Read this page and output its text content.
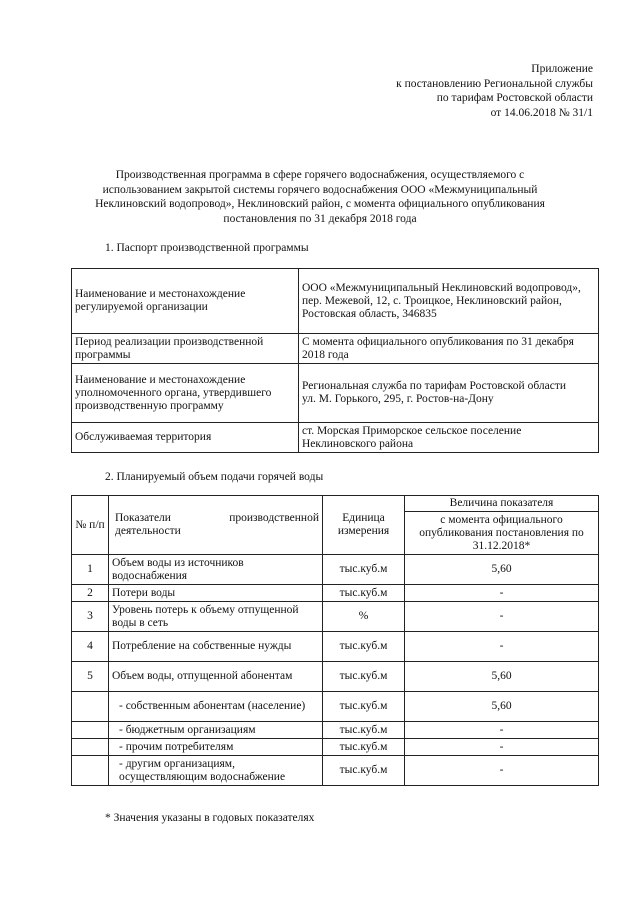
Приложение
к постановлению Региональной службы
по тарифам Ростовской области
от 14.06.2018 № 31/1
Производственная программа в сфере горячего водоснабжения, осуществляемого с
использованием закрытой системы горячего водоснабжения ООО «Межмуниципальный
Неклиновский водопровод», Неклиновский район, с момента официального опубликования
постановления по 31 декабря 2018 года
1. Паспорт производственной программы
Наименование и местонахождение регулируемой организации	ООО «Межмуниципальный Неклиновский водопровод»,
пер. Межевой, 12, с. Троицкое, Неклиновский район, Ростовская область, 346835

Период реализации производственной программы	С момента официального опубликования по 31 декабря 2018 года

Наименование и местонахождение уполномоченного органа, утвердившего производственную программу	Региональная служба по тарифам Ростовской области
ул. М. Горького, 295, г. Ростов-на-Дону

Обслуживаемая территория	ст. Морская Приморское сельское поселение Неклиновского района
2. Планируемый объем подачи горячей воды
№ п/п	Показатели производственной деятельности	Единица измерения	Величина показателя
			с момента официального опубликования постановления по 31.12.2018*
1	Объем воды из источников водоснабжения	тыс.куб.м	5,60
2	Потери воды	тыс.куб.м	-
3	Уровень потерь к объему отпущенной воды в сеть	%	-
4	Потребление на собственные нужды	тыс.куб.м	-
5	Объем воды, отпущенной абонентам	тыс.куб.м	5,60
	- собственным абонентам (население)	тыс.куб.м	5,60
	- бюджетным организациям	тыс.куб.м	-
	- прочим потребителям	тыс.куб.м	-
	- другим организациям, осуществляющим водоснабжение	тыс.куб.м	-
* Значения указаны в годовых показателях
